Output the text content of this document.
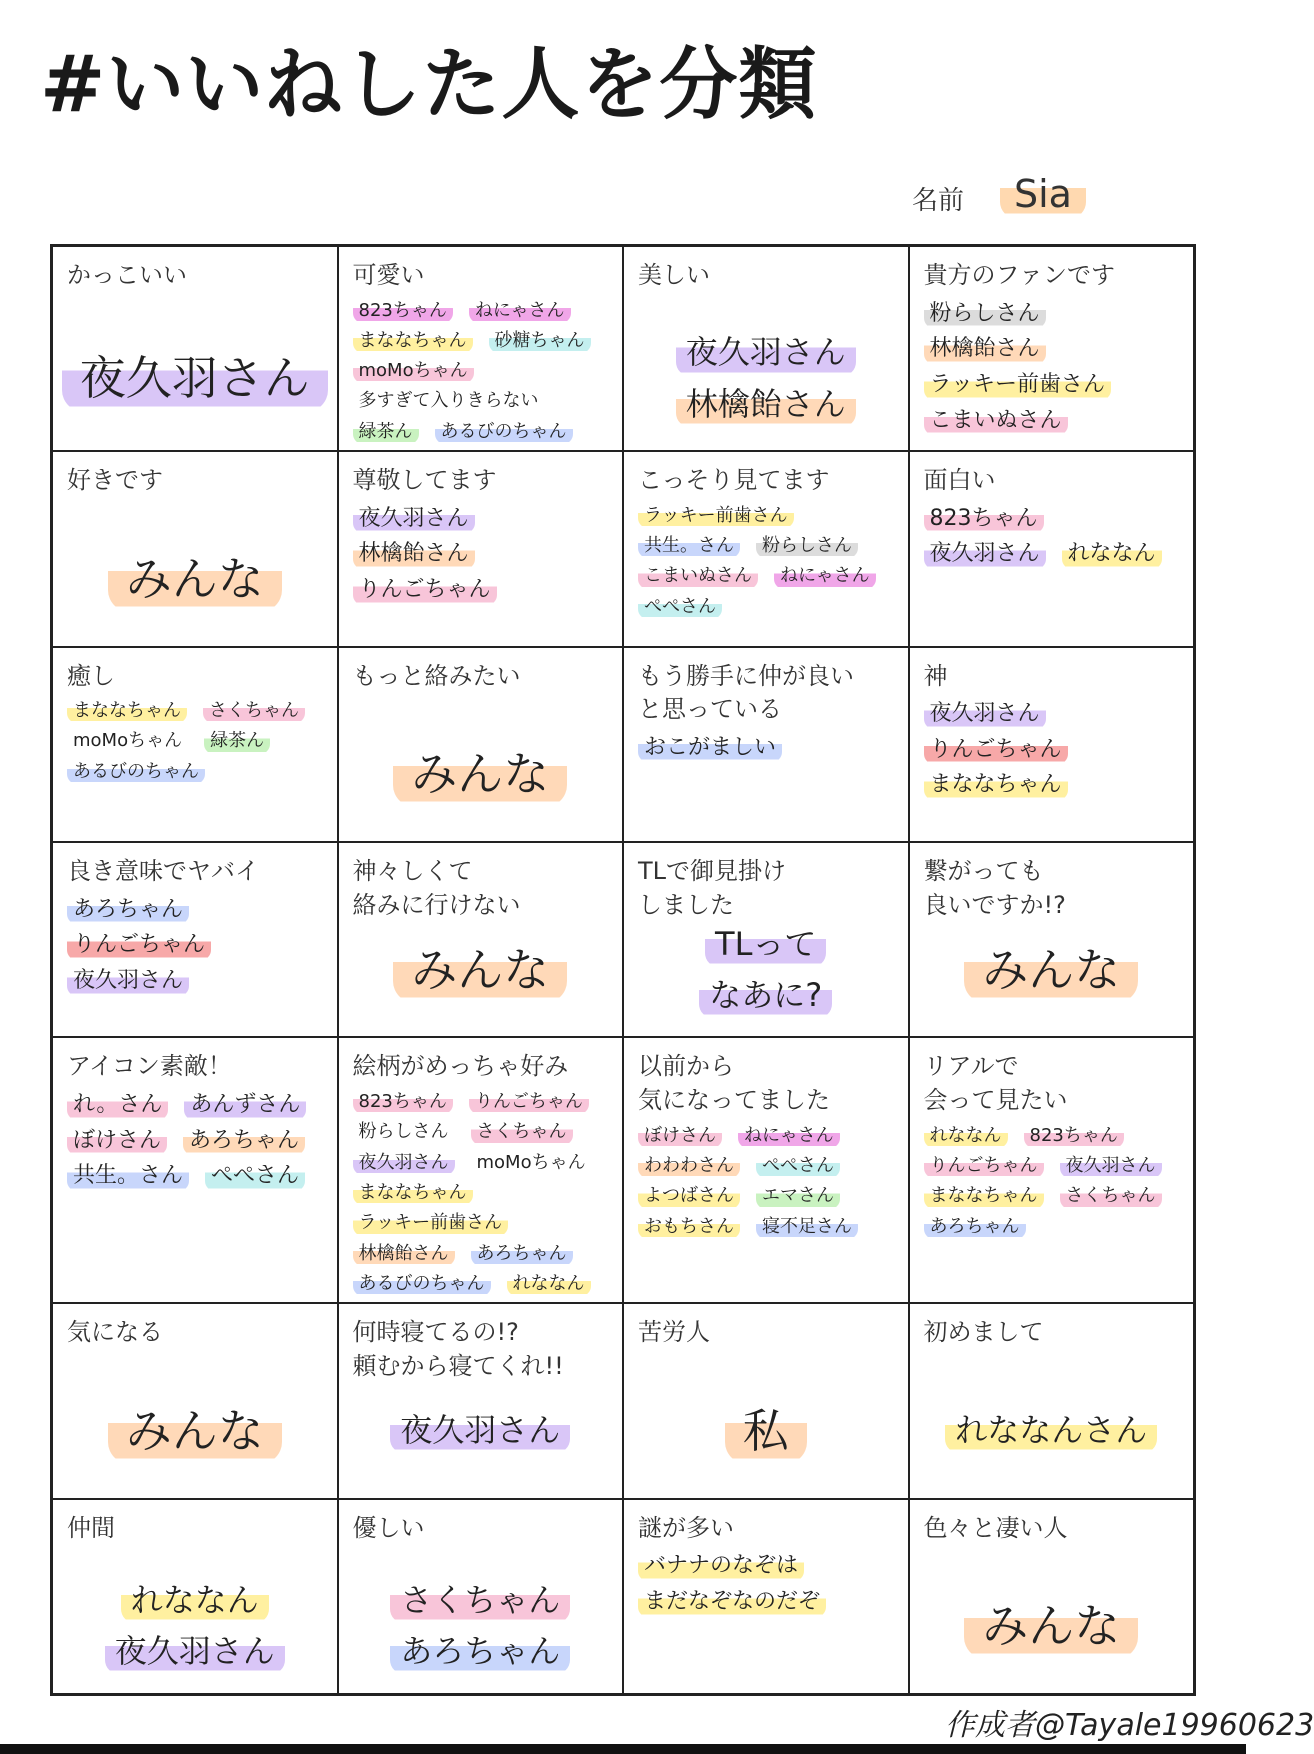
#いいねした人を分類
名前	Sia
かっこいい
夜久羽さん
可愛い
823ちゃん	ねにゃさん
まななちゃん	砂糖ちゃん
moMoちゃん
多すぎて入りきらない
緑茶ん	あるびのちゃん
美しい
夜久羽さん
林檎飴さん
貴方のファンです
粉らしさん
林檎飴さん
ラッキー前歯さん
こまいぬさん
好きです
みんな
尊敬してます
夜久羽さん
林檎飴さん
りんごちゃん
こっそり見てます
ラッキー前歯さん
共生。さん	粉らしさん
こまいぬさん	ねにゃさん
ぺぺさん
面白い
823ちゃん
夜久羽さん れななん
癒し
まななちゃん	さくちゃん
moMoちゃん	緑茶ん
あるびのちゃん
もっと絡みたい
みんな
もう勝手に仲が良い
と思っている
おこがましい
神
夜久羽さん
りんごちゃん
まななちゃん
良き意味でヤバイ
あろちゃん
りんごちゃん
夜久羽さん
神々しくて
絡みに行けない
みんな
TLで御見掛け
しました
TLって
なあに?
繋がっても
良いですか!?
みんな
アイコン素敵！
れ。さん あんずさん
ぼけさん あろちゃん
共生。さん ぺぺさん
絵柄がめっちゃ好み
823ちゃん	りんごちゃん
粉らしさん	さくちゃん
夜久羽さん	moMoちゃん
まななちゃん
ラッキー前歯さん
林檎飴さん	あろちゃん
あるびのちゃん	れななん
以前から
気になってました
ぼけさん	ねにゃさん
わわわさん	ぺぺさん
よつばさん	エマさん
おもちさん	寝不足さん
リアルで
会って見たい
れななん	823ちゃん
りんごちゃん	夜久羽さん
まななちゃん	さくちゃん
あろちゃん
気になる
みんな
何時寝てるの!?
頼むから寝てくれ!!
夜久羽さん
苦労人
私
初めまして
れななんさん
仲間
れななん
夜久羽さん
優しい
さくちゃん
あろちゃん
謎が多い
バナナのなぞは
まだなぞなのだぞ
色々と凄い人
みんな
作成者@Tayale19960623
